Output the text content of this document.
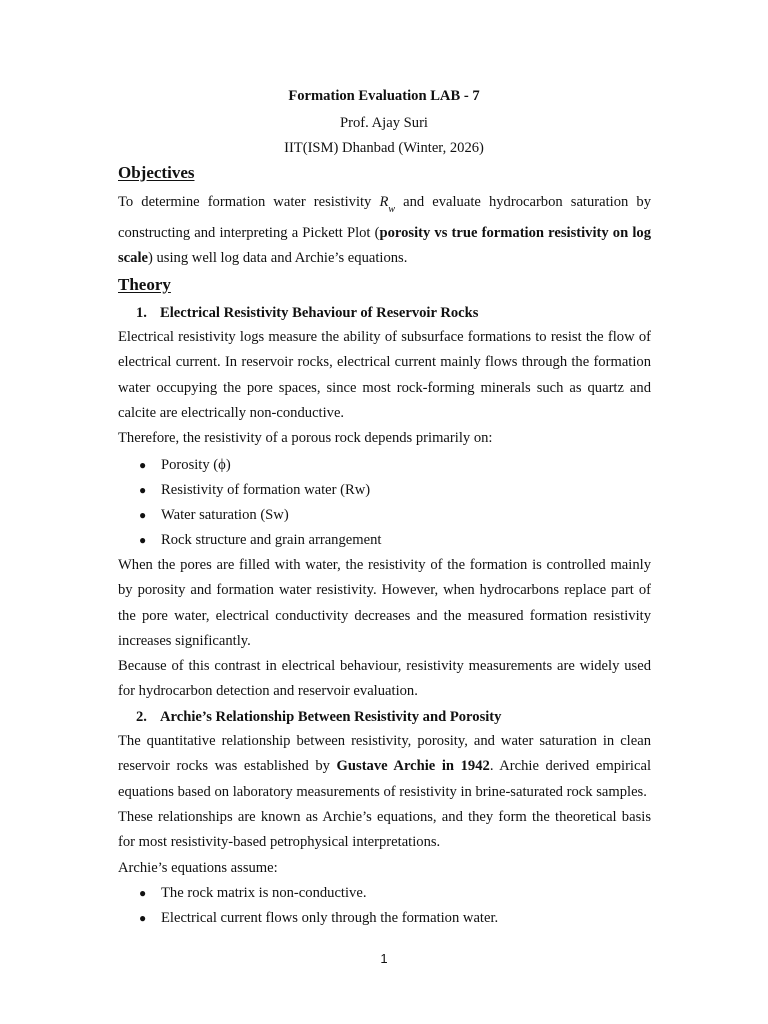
Formation Evaluation LAB - 7
Prof. Ajay Suri
IIT(ISM) Dhanbad (Winter, 2026)
Objectives

To determine formation water resistivity $R_w$ and evaluate hydrocarbon saturation by

constructing and interpreting a Pickett Plot (porosity vs true formation resistivity on log

scale) using well log data and Archie’s equations.

Theory
1. Electrical Resistivity Behaviour of Reservoir Rocks

Electrical resistivity logs measure the ability of subsurface formations to resist the flow of electrical current. In reservoir rocks, electrical current mainly flows through the formation water occupying the pore spaces, since most rock-forming minerals such as quartz and calcite are electrically non-conductive.

Therefore, the resistivity of a porous rock depends primarily on:

● Porosity (ϕ)
● Resistivity of formation water (Rw)
● Water saturation (Sw)
● Rock structure and grain arrangement

When the pores are filled with water, the resistivity of the formation is controlled mainly by porosity and formation water resistivity. However, when hydrocarbons replace part of the pore water, electrical conductivity decreases and the measured formation resistivity increases significantly.

Because of this contrast in electrical behaviour, resistivity measurements are widely used for hydrocarbon detection and reservoir evaluation.

2. Archie’s Relationship Between Resistivity and Porosity

The quantitative relationship between resistivity, porosity, and water saturation in clean reservoir rocks was established by Gustave Archie in 1942. Archie derived empirical equations based on laboratory measurements of resistivity in brine-saturated rock samples.

These relationships are known as Archie’s equations, and they form the theoretical basis for most resistivity-based petrophysical interpretations.

Archie’s equations assume:

● The rock matrix is non-conductive.
● Electrical current flows only through the formation water.
1
